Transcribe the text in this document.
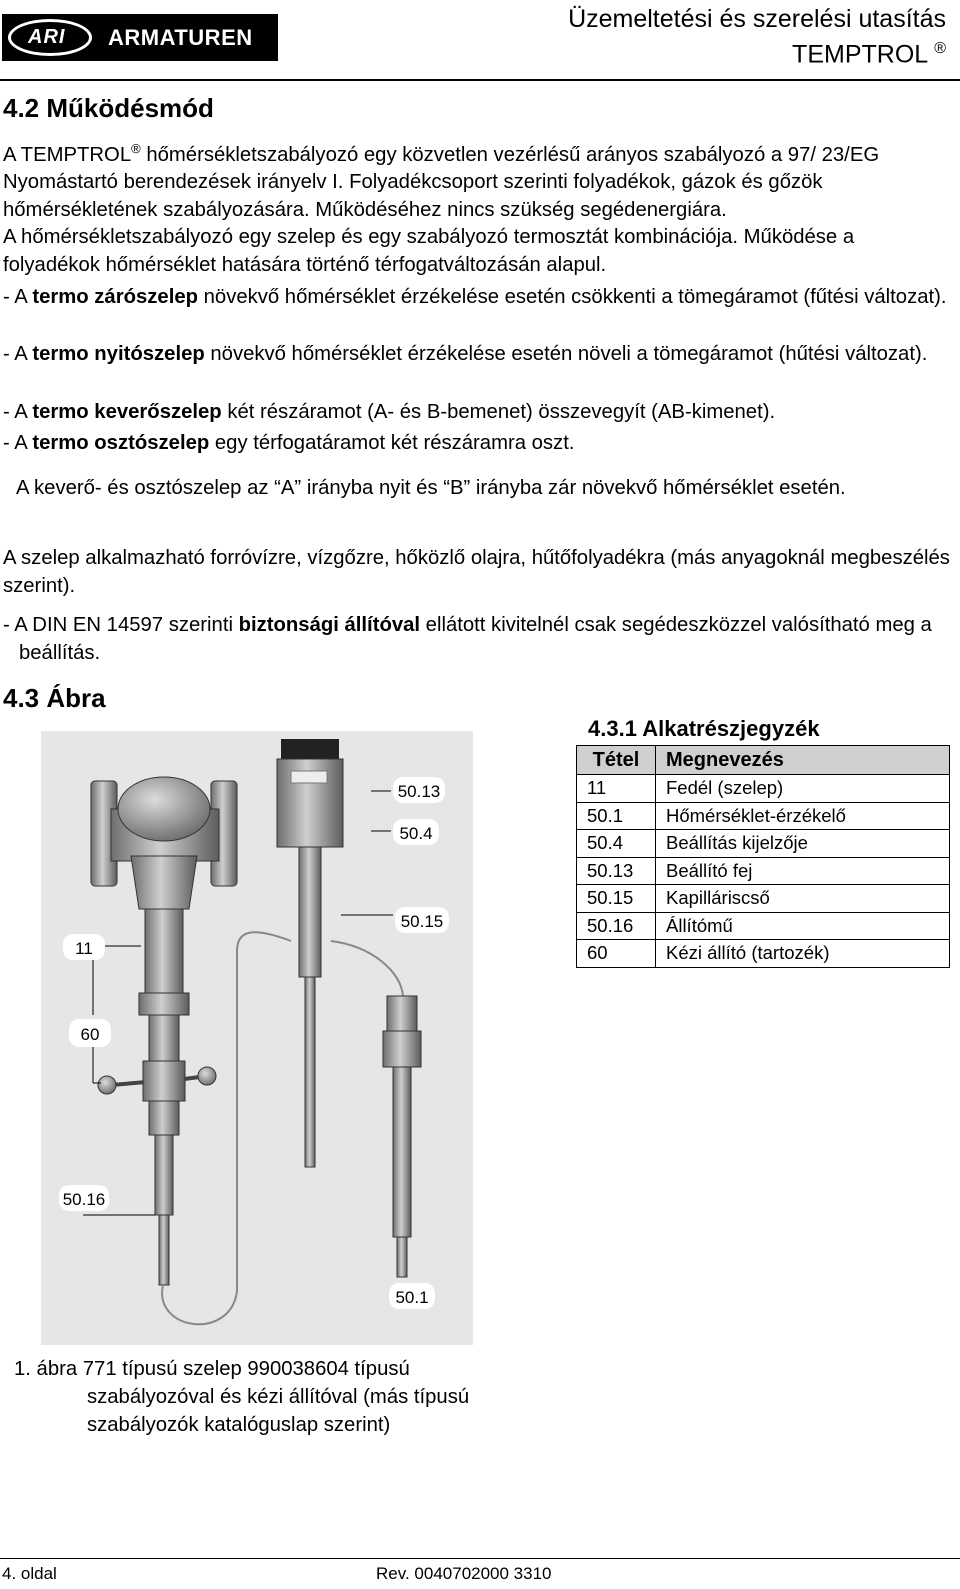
ARI ARMATUREN
Üzemeltetési és szerelési utasítás
TEMPTROL ®
4.2 Működésmód
A TEMPTROL® hőmérsékletszabályozó egy közvetlen vezérlésű arányos szabályozó a 97/ 23/EG Nyomástartó berendezések irányelv I. Folyadékcsoport szerinti folyadékok, gázok és gőzök hőmérsékletének szabályozására. Működéséhez nincs szükség segédenergiára.
A hőmérsékletszabályozó egy szelep és egy szabályozó termosztát kombinációja. Működése a folyadékok hőmérséklet hatására történő térfogatváltozásán alapul.
- A termo zárószelep növekvő hőmérséklet érzékelése esetén csökkenti a tömegáramot (fűtési változat).
- A termo nyitószelep növekvő hőmérséklet érzékelése esetén növeli a tömegáramot (hűtési változat).
- A termo keverőszelep két részáramot (A- és B-bemenet) összevegyít (AB-kimenet).
- A termo osztószelep egy térfogatáramot két részáramra oszt.
A keverő- és osztószelep az “A” irányba nyit és “B” irányba zár növekvő hőmérséklet esetén.
A szelep alkalmazható forróvízre, vízgőzre, hőközlő olajra, hűtőfolyadékra (más anyagoknál megbeszélés szerint).
- A DIN EN 14597 szerinti biztonsági állítóval ellátott kivitelnél csak segédeszközzel valósítható meg a beállítás.
4.3 Ábra
50.13
50.4
50.15
11
60
50.16
50.1
4.3.1 Alkatrészjegyzék
Tétel	Megnevezés
11	Fedél (szelep)
50.1	Hőmérséklet-érzékelő
50.4	Beállítás kijelzője
50.13	Beállító fej
50.15	Kapilláriscső
50.16	Állítómű
60	Kézi állító (tartozék)
1. ábra 771 típusú szelep 990038604 típusú
szabályozóval és kézi állítóval (más típusú
szabályozók katalóguslap szerint)
4. oldal	Rev. 0040702000 3310
